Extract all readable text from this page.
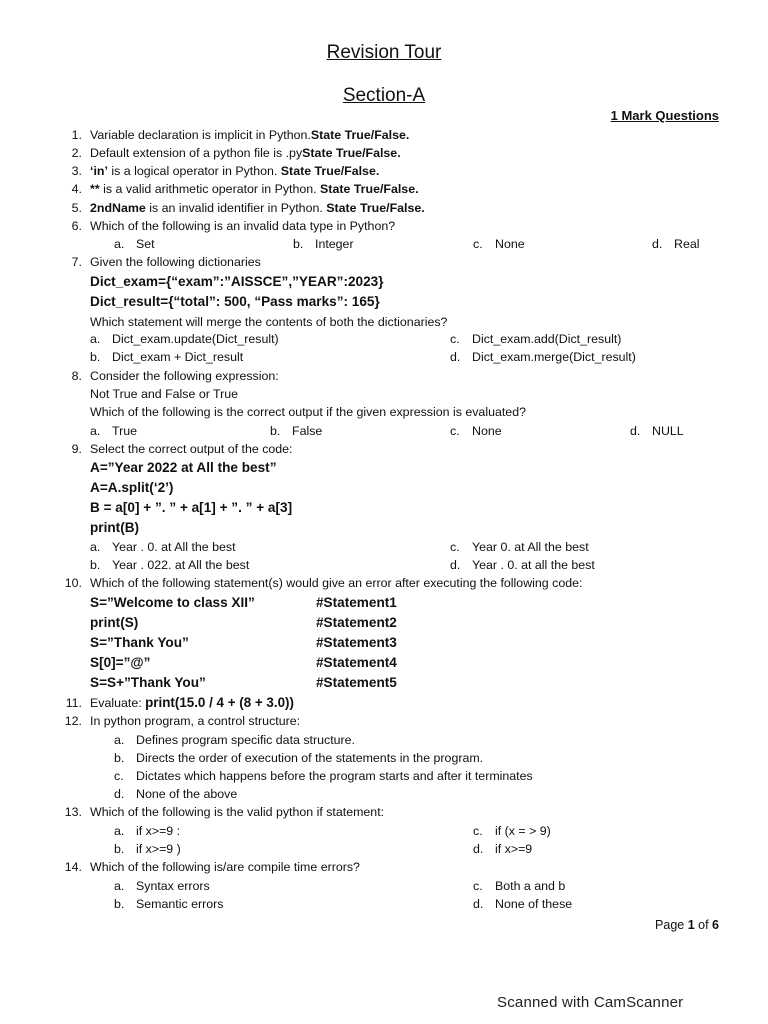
Revision Tour
Section-A
1 Mark Questions
1. Variable declaration is implicit in Python.State True/False.
2. Default extension of a python file is .pyState True/False.
3. ‘in’ is a logical operator in Python. State True/False.
4. ** is a valid arithmetic operator in Python. State True/False.
5. 2ndName is an invalid identifier in Python. State True/False.
6. Which of the following is an invalid data type in Python?
a. Set	b. Integer	c. None	d. Real
7. Given the following dictionaries
Dict_exam={“exam”:”AISSCE”,”YEAR”:2023}
Dict_result={“total”: 500, “Pass marks”: 165}
Which statement will merge the contents of both the dictionaries?
a. Dict_exam.update(Dict_result)	c. Dict_exam.add(Dict_result)
b. Dict_exam + Dict_result	d. Dict_exam.merge(Dict_result)
8. Consider the following expression:
Not True and False or True
Which of the following is the correct output if the given expression is evaluated?
a. True	b. False	c. None	d. NULL
9. Select the correct output of the code:
A=”Year 2022 at All the best”
A=A.split(‘2’)
B = a[0] + ”. ” + a[1] + ”. ” + a[3]
print(B)
a. Year . 0. at All the best	c. Year 0. at All the best
b. Year . 022. at All the best	d. Year . 0. at all the best
10. Which of the following statement(s) would give an error after executing the following code:
S=”Welcome to class XII”	#Statement1
print(S)	#Statement2
S=”Thank You”	#Statement3
S[0]=”@”	#Statement4
S=S+”Thank You”	#Statement5
11. Evaluate: print(15.0 / 4 + (8 + 3.0))
12. In python program, a control structure:
a. Defines program specific data structure.
b. Directs the order of execution of the statements in the program.
c. Dictates which happens before the program starts and after it terminates
d. None of the above
13. Which of the following is the valid python if statement:
a. if x>=9 :	c. if (x = > 9)
b. if x>=9 )	d. if x>=9
14. Which of the following is/are compile time errors?
a. Syntax errors	c. Both a and b
b. Semantic errors	d. None of these
Page 1 of 6
Scanned with CamScanner
